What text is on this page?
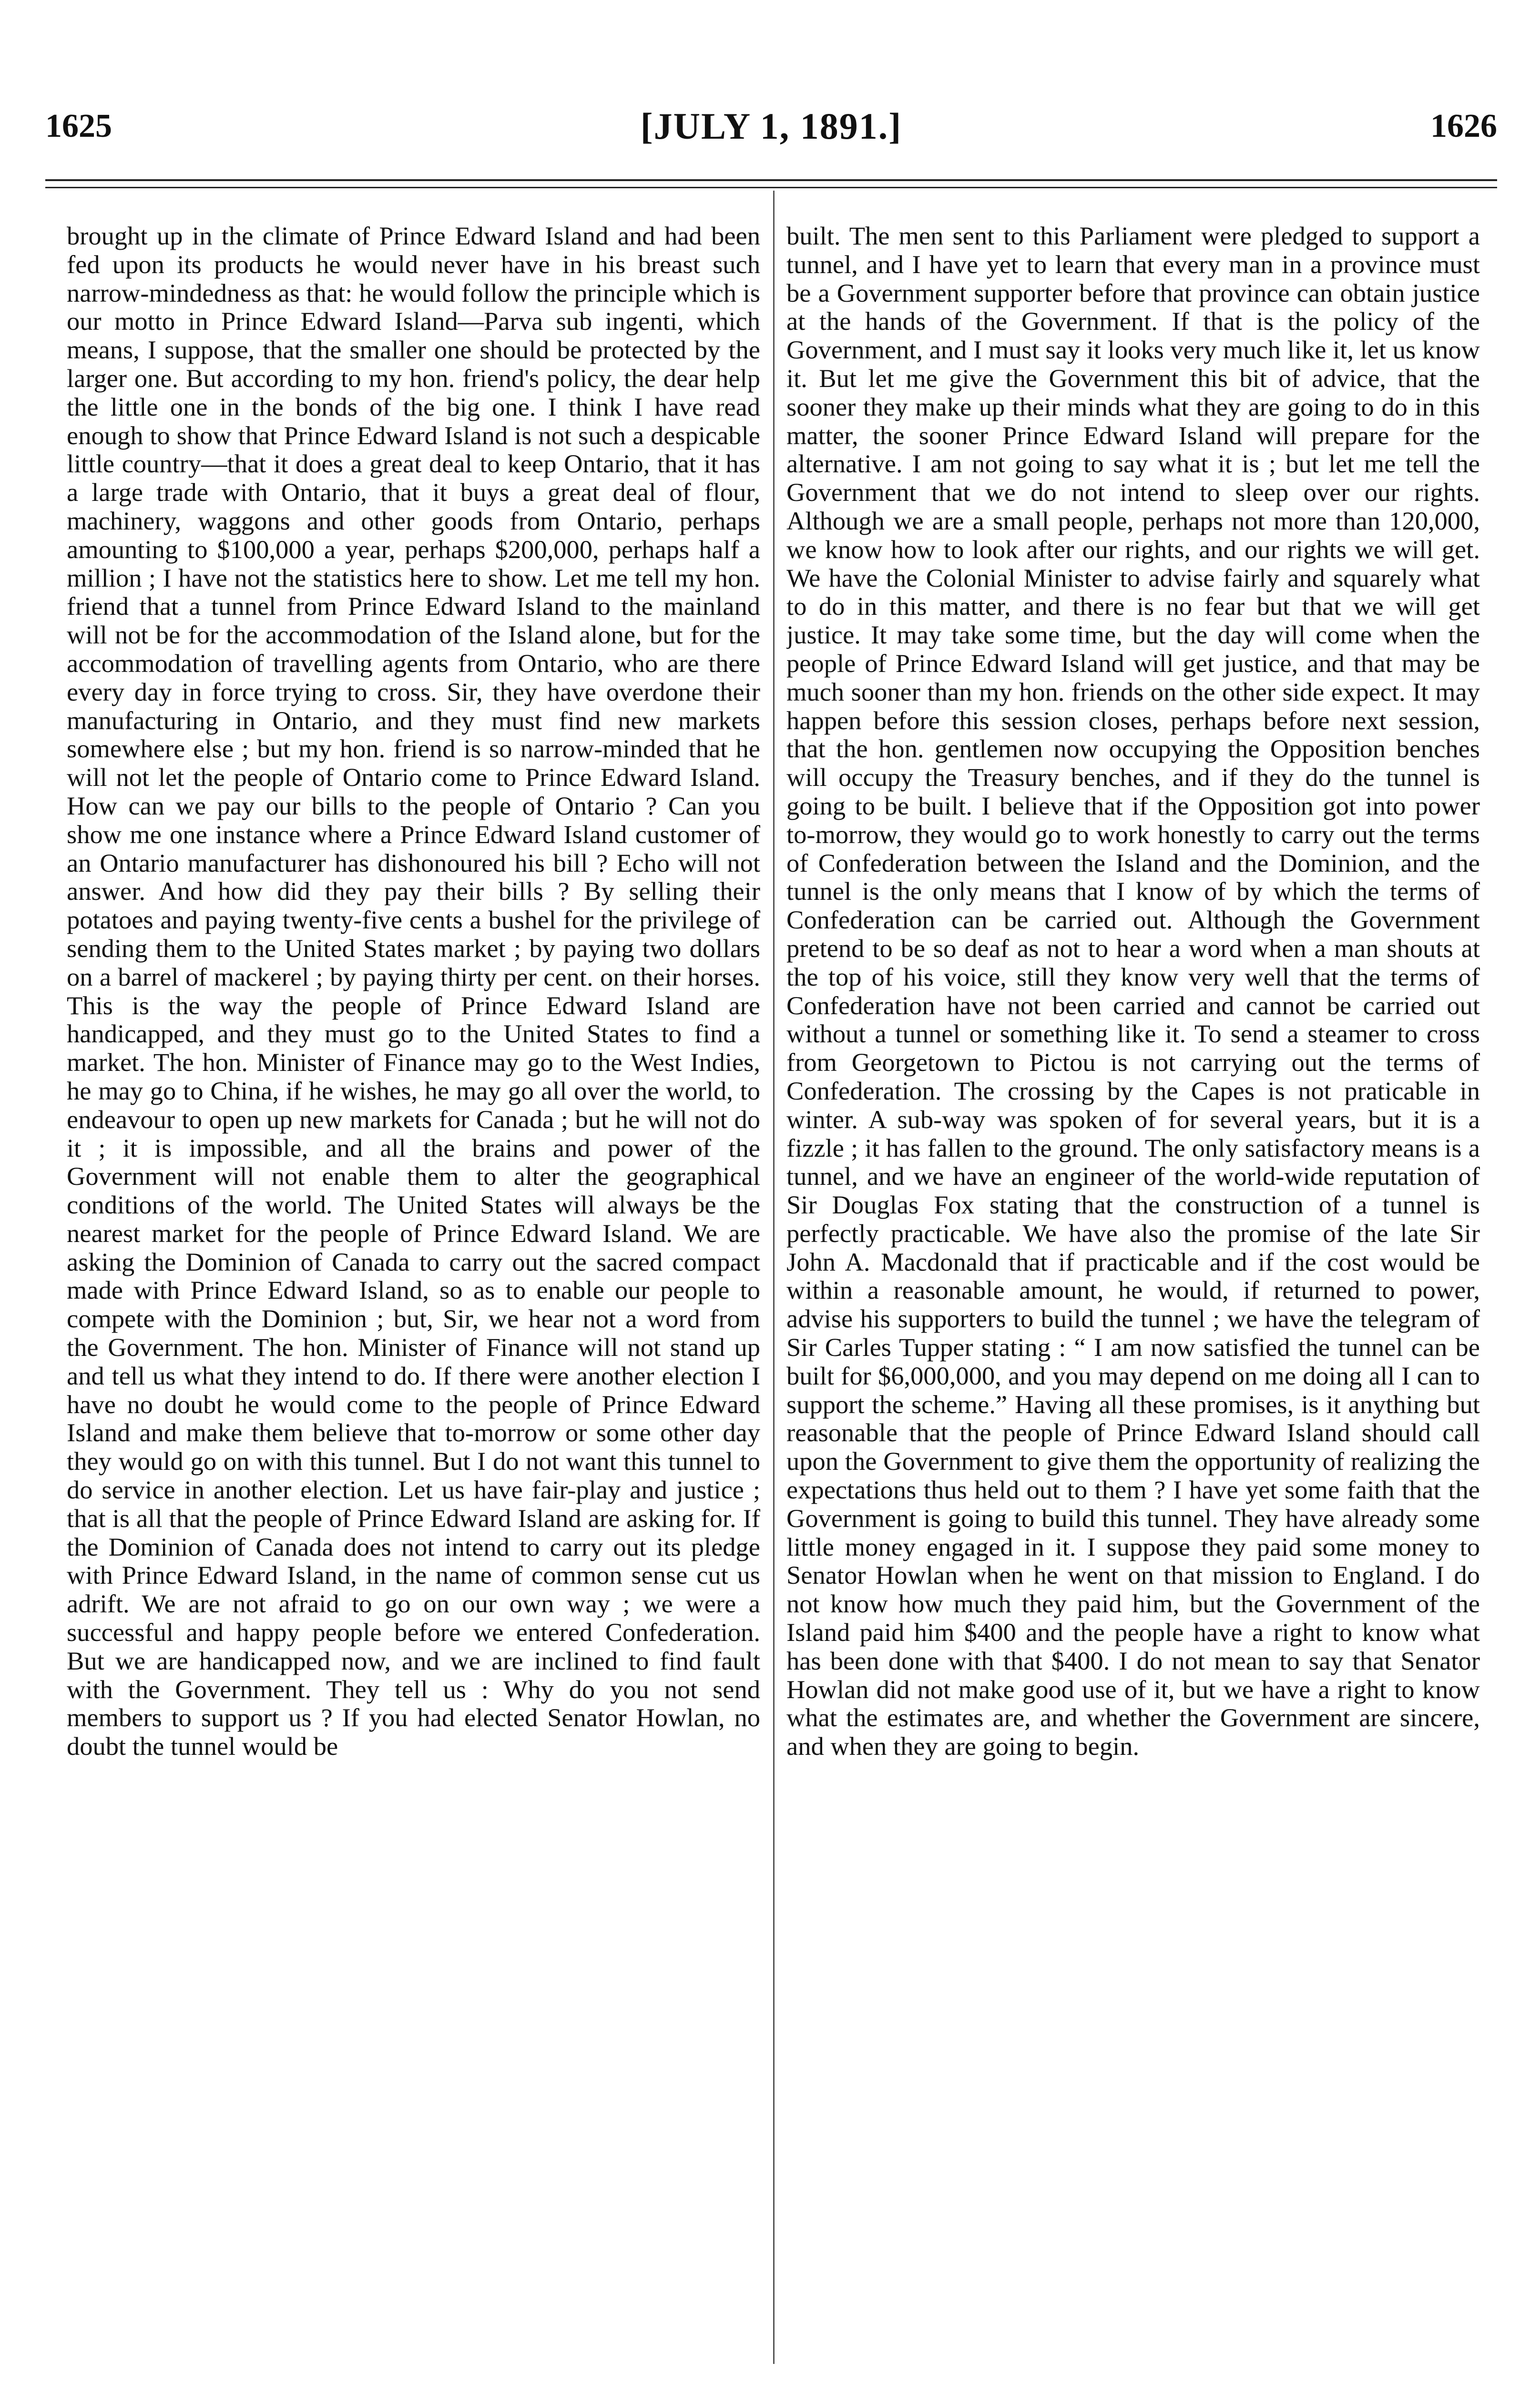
1625	[JULY 1, 1891.]	1626

brought up in the climate of Prince Edward Island and had been fed upon its products he would never have in his breast such narrow-mindedness as that: he would follow the principle which is our motto in Prince Edward Island—Parva sub ingenti, which means, I suppose, that the smaller one should be protected by the larger one. But according to my hon. friend's policy, the dear help the little one in the bonds of the big one. I think I have read enough to show that Prince Edward Island is not such a despicable little country—that it does a great deal to keep Ontario, that it has a large trade with Ontario, that it buys a great deal of flour, machinery, waggons and other goods from Ontario, perhaps amounting to $100,000 a year, perhaps $200,000, perhaps half a million ; I have not the statistics here to show. Let me tell my hon. friend that a tunnel from Prince Edward Island to the mainland will not be for the accommodation of the Island alone, but for the accommodation of travelling agents from Ontario, who are there every day in force trying to cross. Sir, they have overdone their manufacturing in Ontario, and they must find new markets somewhere else ; but my hon. friend is so narrow-minded that he will not let the people of Ontario come to Prince Edward Island. How can we pay our bills to the people of Ontario ? Can you show me one instance where a Prince Edward Island customer of an Ontario manufacturer has dishonoured his bill ? Echo will not answer. And how did they pay their bills ? By selling their potatoes and paying twenty-five cents a bushel for the privilege of sending them to the United States market ; by paying two dollars on a barrel of mackerel ; by paying thirty per cent. on their horses. This is the way the people of Prince Edward Island are handicapped, and they must go to the United States to find a market. The hon. Minister of Finance may go to the West Indies, he may go to China, if he wishes, he may go all over the world, to endeavour to open up new markets for Canada ; but he will not do it ; it is impossible, and all the brains and power of the Government will not enable them to alter the geographical conditions of the world. The United States will always be the nearest market for the people of Prince Edward Island. We are asking the Dominion of Canada to carry out the sacred compact made with Prince Edward Island, so as to enable our people to compete with the Dominion ; but, Sir, we hear not a word from the Government. The hon. Minister of Finance will not stand up and tell us what they intend to do. If there were another election I have no doubt he would come to the people of Prince Edward Island and make them believe that to-morrow or some other day they would go on with this tunnel. But I do not want this tunnel to do service in another election. Let us have fair-play and justice ; that is all that the people of Prince Edward Island are asking for. If the Dominion of Canada does not intend to carry out its pledge with Prince Edward Island, in the name of common sense cut us adrift. We are not afraid to go on our own way ; we were a successful and happy people before we entered Confederation. But we are handicapped now, and we are inclined to find fault with the Government. They tell us : Why do you not send members to support us ? If you had elected Senator Howlan, no doubt the tunnel would be

built. The men sent to this Parliament were pledged to support a tunnel, and I have yet to learn that every man in a province must be a Government supporter before that province can obtain justice at the hands of the Government. If that is the policy of the Government, and I must say it looks very much like it, let us know it. But let me give the Government this bit of advice, that the sooner they make up their minds what they are going to do in this matter, the sooner Prince Edward Island will prepare for the alternative. I am not going to say what it is ; but let me tell the Government that we do not intend to sleep over our rights. Although we are a small people, perhaps not more than 120,000, we know how to look after our rights, and our rights we will get. We have the Colonial Minister to advise fairly and squarely what to do in this matter, and there is no fear but that we will get justice. It may take some time, but the day will come when the people of Prince Edward Island will get justice, and that may be much sooner than my hon. friends on the other side expect. It may happen before this session closes, perhaps before next session, that the hon. gentlemen now occupying the Opposition benches will occupy the Treasury benches, and if they do the tunnel is going to be built. I believe that if the Opposition got into power to-morrow, they would go to work honestly to carry out the terms of Confederation between the Island and the Dominion, and the tunnel is the only means that I know of by which the terms of Confederation can be carried out. Although the Government pretend to be so deaf as not to hear a word when a man shouts at the top of his voice, still they know very well that the terms of Confederation have not been carried and cannot be carried out without a tunnel or something like it. To send a steamer to cross from Georgetown to Pictou is not carrying out the terms of Confederation. The crossing by the Capes is not praticable in winter. A sub-way was spoken of for several years, but it is a fizzle ; it has fallen to the ground. The only satisfactory means is a tunnel, and we have an engineer of the world-wide reputation of Sir Douglas Fox stating that the construction of a tunnel is perfectly practicable. We have also the promise of the late Sir John A. Macdonald that if practicable and if the cost would be within a reasonable amount, he would, if returned to power, advise his supporters to build the tunnel ; we have the telegram of Sir Carles Tupper stating : “ I am now satisfied the tunnel can be built for $6,000,000, and you may depend on me doing all I can to support the scheme.” Having all these promises, is it anything but reasonable that the people of Prince Edward Island should call upon the Government to give them the opportunity of realizing the expectations thus held out to them ? I have yet some faith that the Government is going to build this tunnel. They have already some little money engaged in it. I suppose they paid some money to Senator Howlan when he went on that mission to England. I do not know how much they paid him, but the Government of the Island paid him $400 and the people have a right to know what has been done with that $400. I do not mean to say that Senator Howlan did not make good use of it, but we have a right to know what the estimates are, and whether the Government are sincere, and when they are going to begin.
